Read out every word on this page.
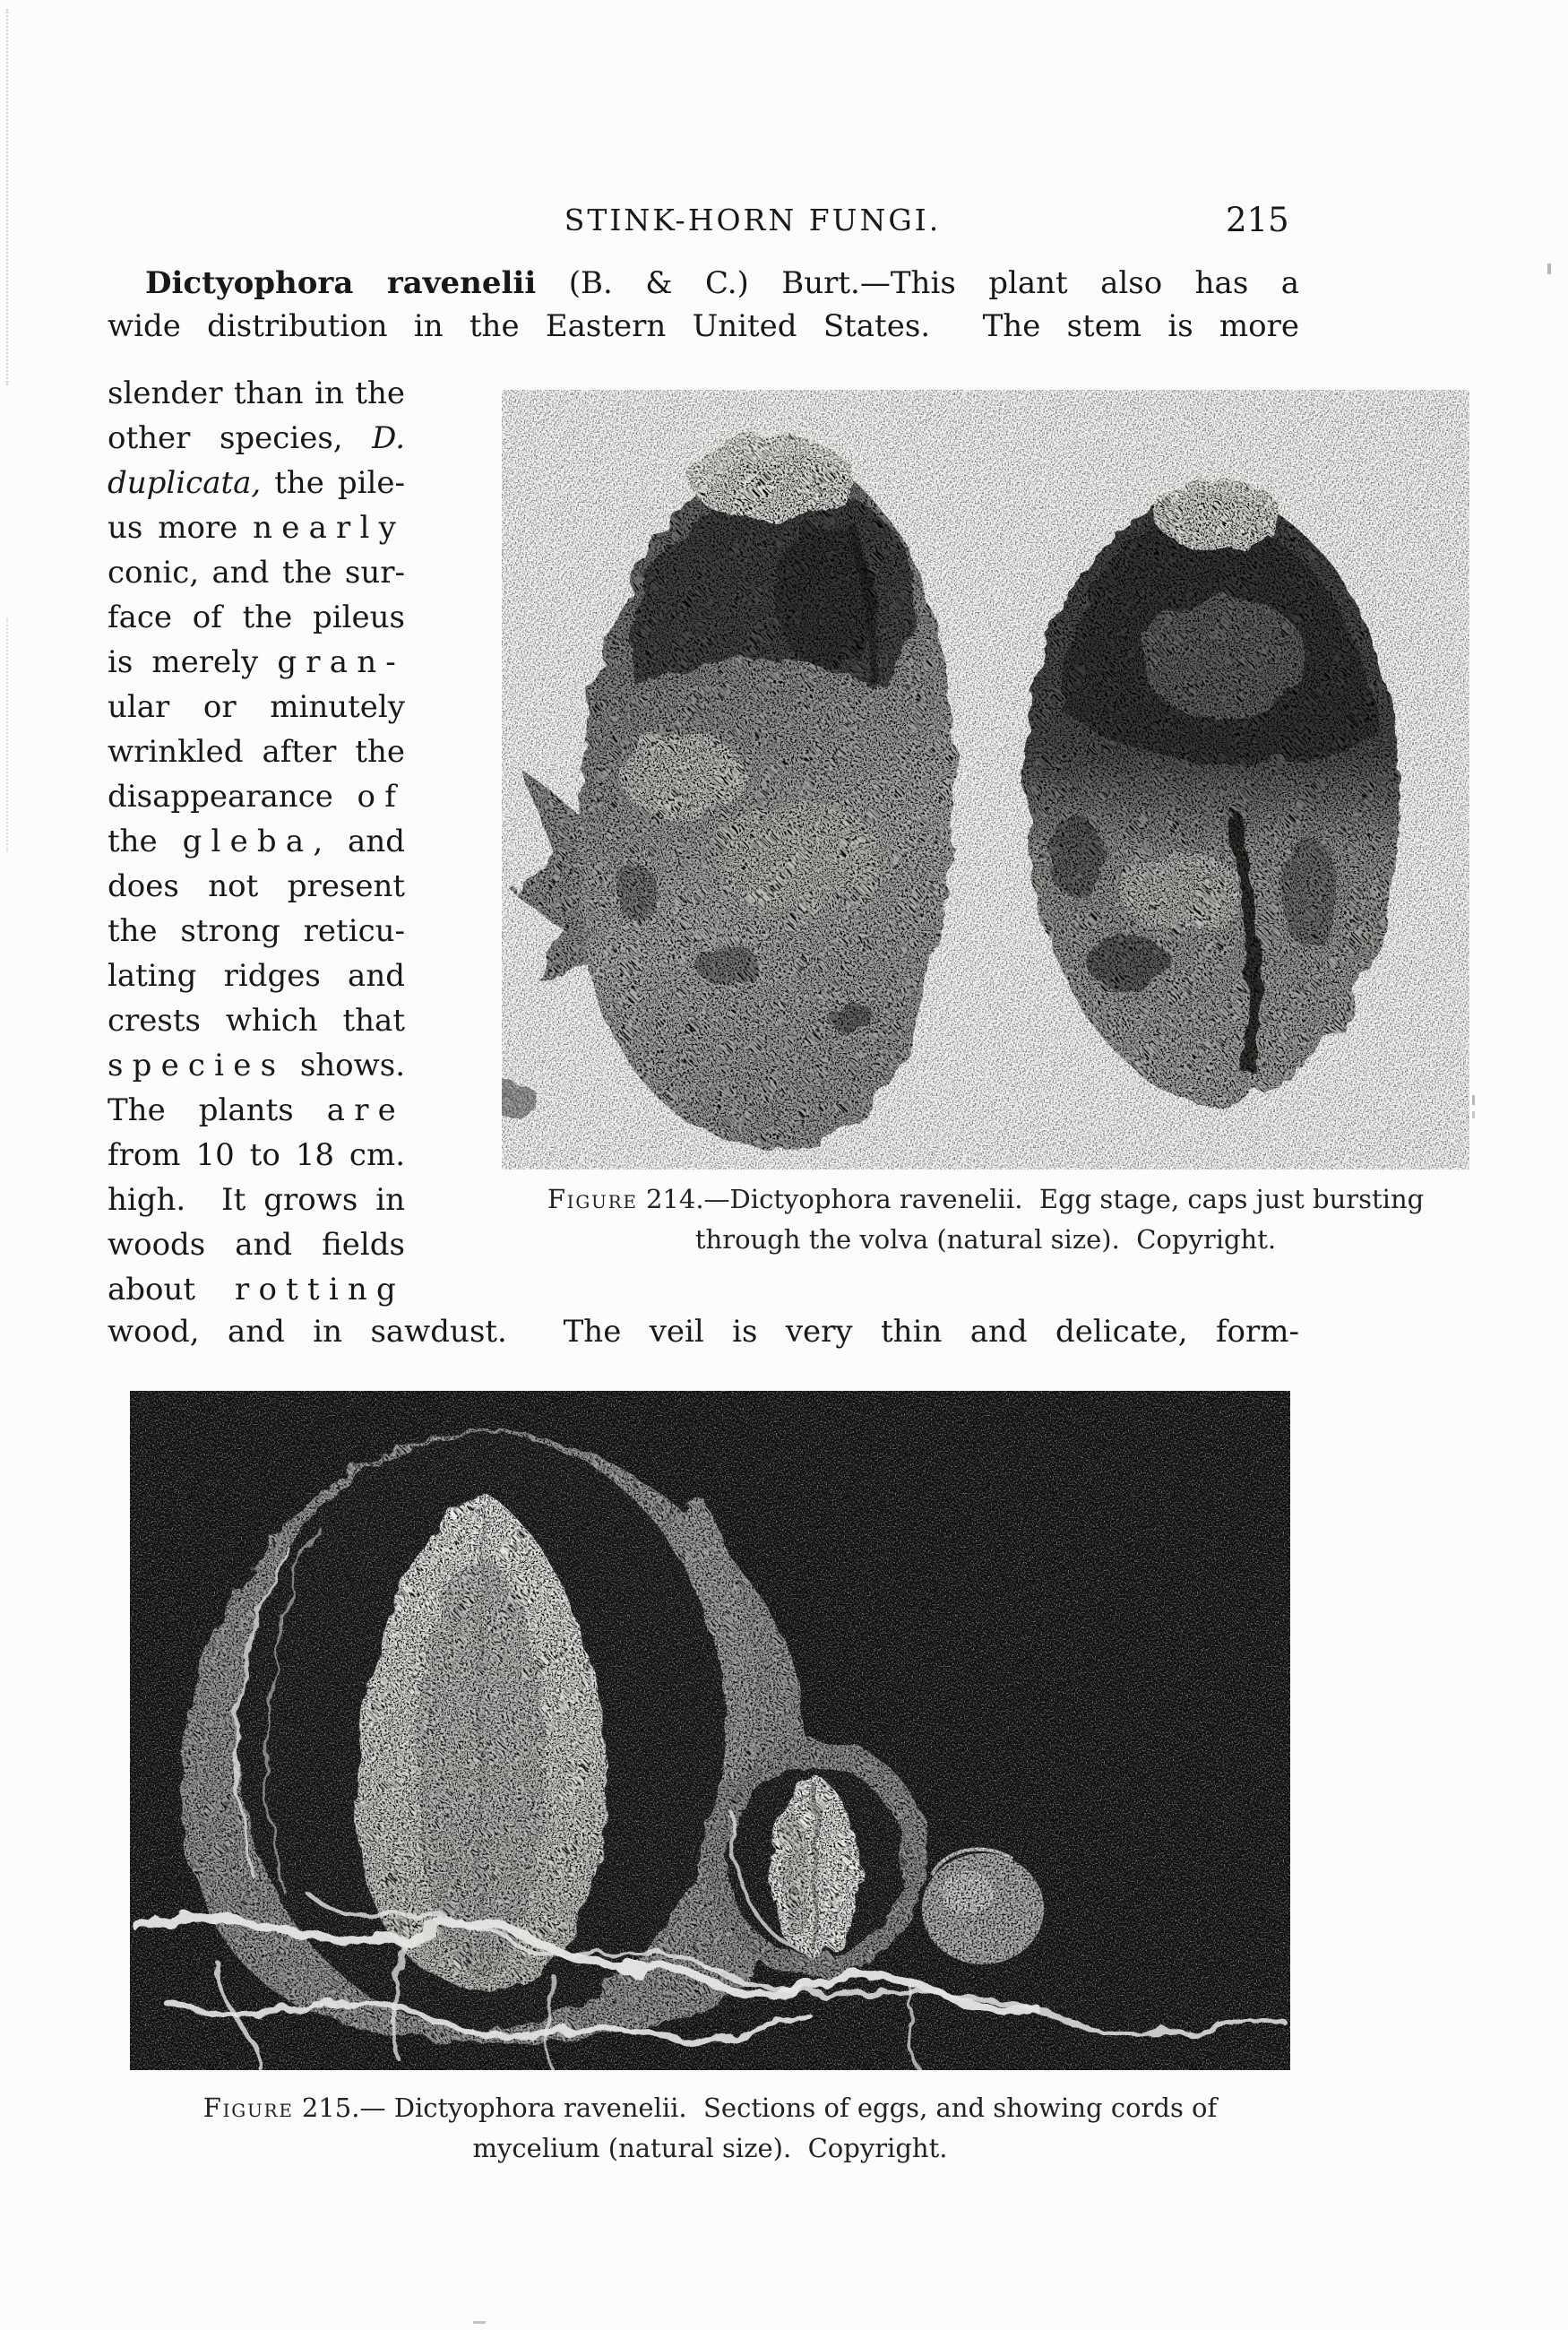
STINK-HORN FUNGI.	215
Dictyophora ravenelii (B. & C.) Burt.—This plant also has a
wide distribution in the Eastern United States.  The stem is more
slender than in the
other species, D.
duplicata, the pile-
us more nearly
conic, and the sur-
face of the pileus
is merely gran-
ular or minutely
wrinkled after the
disappearance of
the gleba, and
does not present
the strong reticu-
lating ridges and
crests which that
species shows.
The plants are
from 10 to 18 cm.
high.  It grows in
woods and fields
about rotting
Figure 214.—Dictyophora ravenelii.  Egg stage, caps just bursting
through the volva (natural size).  Copyright.
wood, and in sawdust.  The veil is very thin and delicate, form-
Figure 215.— Dictyophora ravenelii.  Sections of eggs, and showing cords of
mycelium (natural size).  Copyright.
